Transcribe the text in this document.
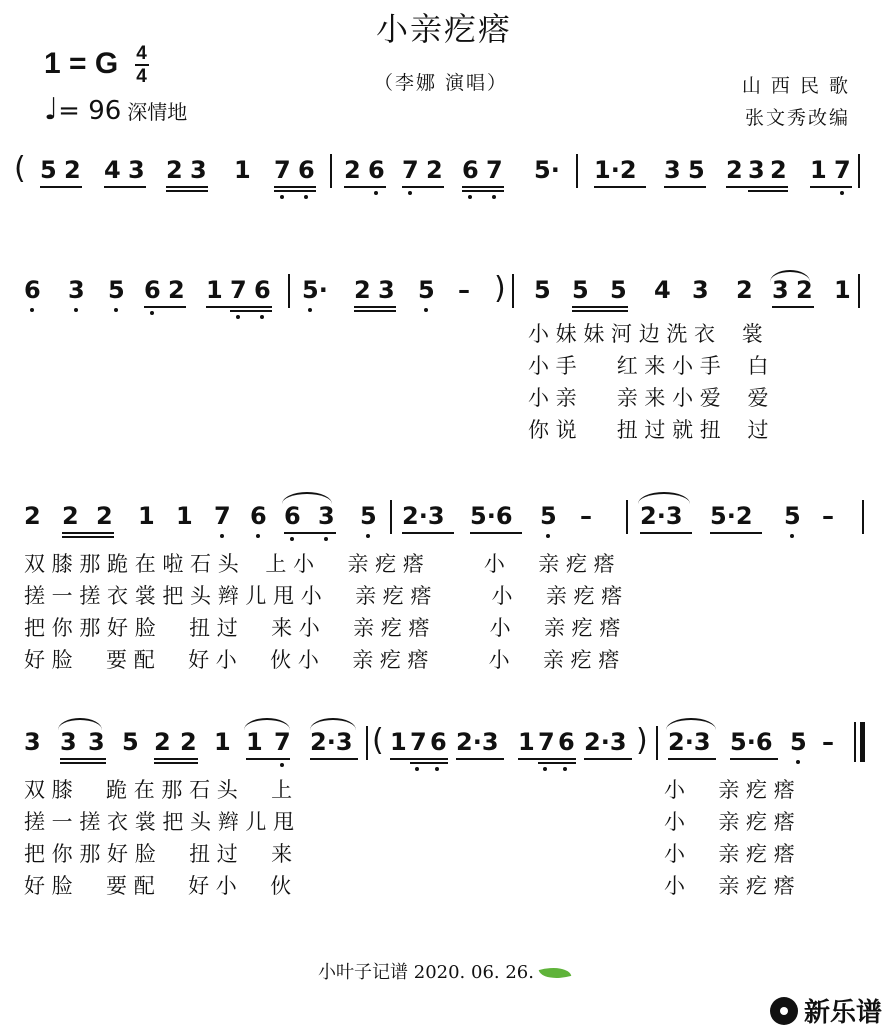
小亲疙瘩
1 = G $\frac{4}{4}$
♩= 96 深情地
（李娜 演唱）	山 西 民 歌
张文秀改编
( 5 2 4 3 2 3 1 7 6 2 6 7 2 6 7 5· 1·2 3 5 2 3 2 1 7
6 3 5 6 2 1 7 6 5· 2 3 5 – ) 5 5 5 4 3 2 3 2 1
小 妹 妹 河 边 洗 衣    裳
小 手      红 来 小 手    白
小 亲      亲 来 小 爱    爱
你 说      扭 过 就 扭    过
2 2 2 1 1 7 6 6 3 5 2·3 5·6 5 – 2·3 5·2 5 –
双 膝 那 跪 在 啦 石 头    上 小     亲 疙 瘩         小     亲 疙 瘩
搓 一 搓 衣 裳 把 头 辫 儿 甩 小     亲 疙 瘩         小     亲 疙 瘩
把 你 那 好 脸     扭 过     来 小     亲 疙 瘩         小     亲 疙 瘩
好 脸     要 配     好 小     伙 小     亲 疙 瘩         小     亲 疙 瘩
3 3 3 5 2 2 1 1 7 2·3 ( 1 7 6 2·3 1 7 6 2·3 ) 2·3 5·6 5 –
双 膝     跪 在 那 石 头     上
搓 一 搓 衣 裳 把 头 辫 儿 甩
把 你 那 好 脸     扭 过     来
好 脸     要 配     好 小     伙
小     亲 疙 瘩
小     亲 疙 瘩
小     亲 疙 瘩
小     亲 疙 瘩
小叶子记谱 2020. 06. 26.
新乐谱
